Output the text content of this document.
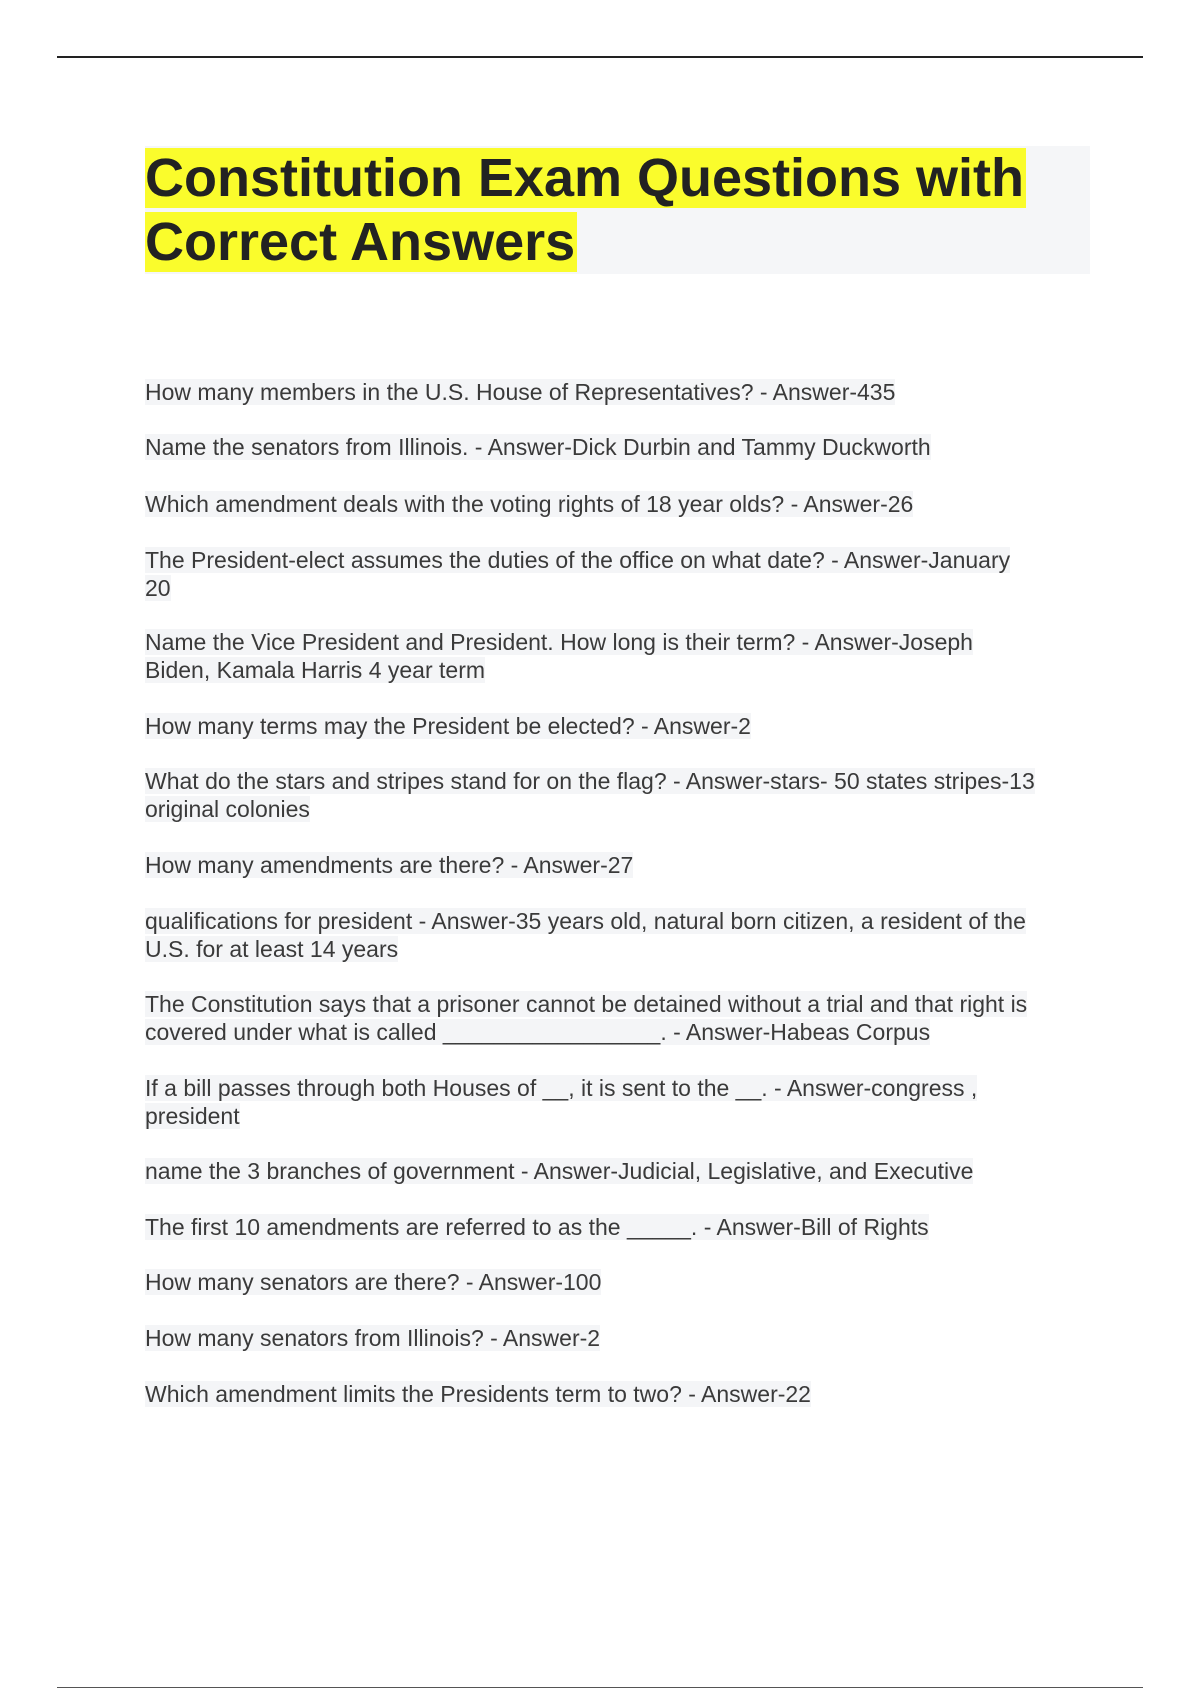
Constitution Exam Questions with
Correct Answers

How many members in the U.S. House of Representatives? - Answer-435

Name the senators from Illinois. - Answer-Dick Durbin and Tammy Duckworth

Which amendment deals with the voting rights of 18 year olds? - Answer-26

The President-elect assumes the duties of the office on what date? - Answer-January
20

Name the Vice President and President. How long is their term? - Answer-Joseph
Biden, Kamala Harris 4 year term

How many terms may the President be elected? - Answer-2

What do the stars and stripes stand for on the flag? - Answer-stars- 50 states stripes-13
original colonies

How many amendments are there? - Answer-27

qualifications for president - Answer-35 years old, natural born citizen, a resident of the
U.S. for at least 14 years

The Constitution says that a prisoner cannot be detained without a trial and that right is
covered under what is called _________________. - Answer-Habeas Corpus

If a bill passes through both Houses of __, it is sent to the __. - Answer-congress ,
president

name the 3 branches of government - Answer-Judicial, Legislative, and Executive

The first 10 amendments are referred to as the _____. - Answer-Bill of Rights

How many senators are there? - Answer-100

How many senators from Illinois? - Answer-2

Which amendment limits the Presidents term to two? - Answer-22
